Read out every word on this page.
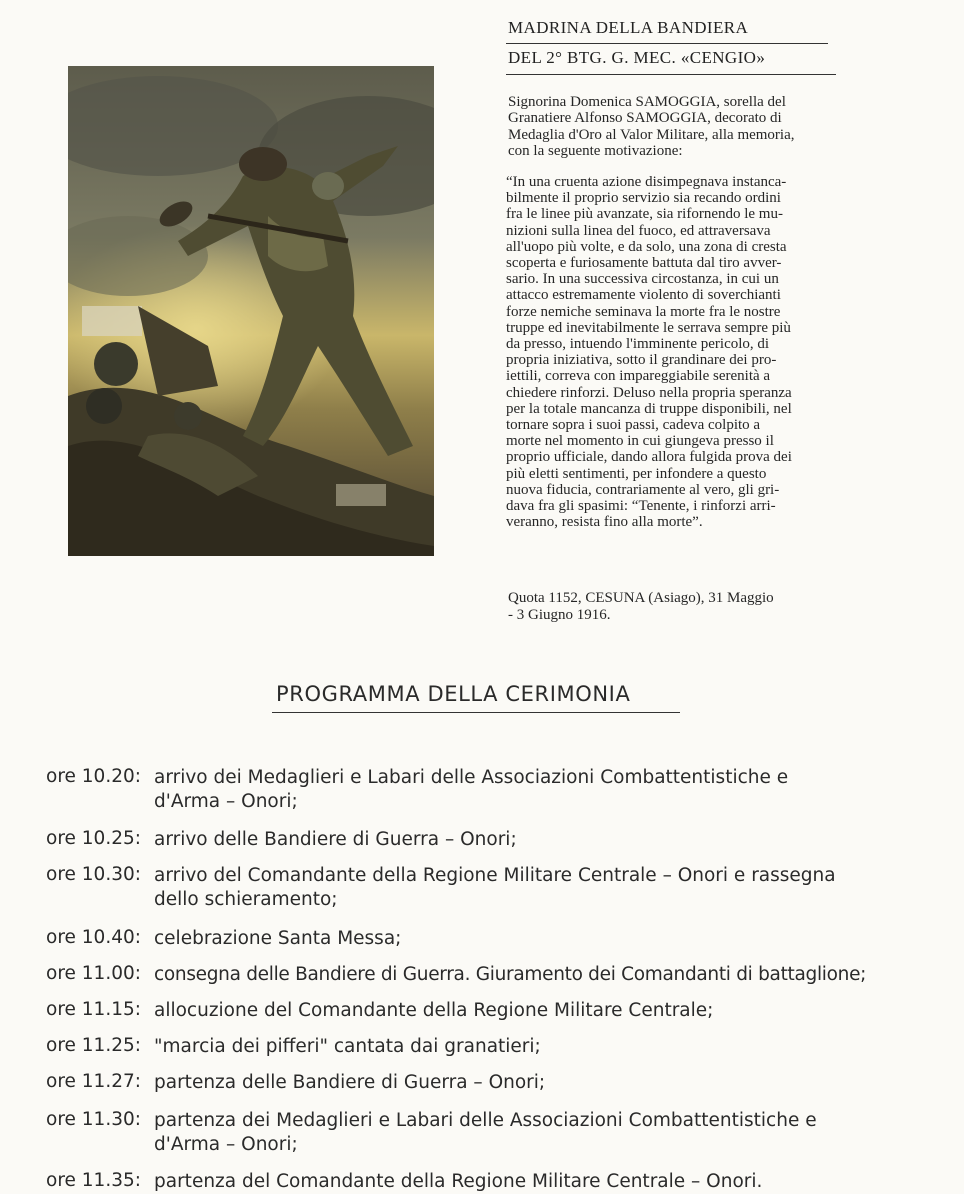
MADRINA DELLA BANDIERA
DEL 2° BTG. G. MEC. «CENGIO»
Signorina Domenica SAMOGGIA, sorella del
Granatiere Alfonso SAMOGGIA, decorato di
Medaglia d'Oro al Valor Militare, alla memoria,
con la seguente motivazione:
“In una cruenta azione disimpegnava instanca-
bilmente il proprio servizio sia recando ordini
fra le linee più avanzate, sia rifornendo le mu-
nizioni sulla linea del fuoco, ed attraversava
all'uopo più volte, e da solo, una zona di cresta
scoperta e furiosamente battuta dal tiro avver-
sario. In una successiva circostanza, in cui un
attacco estremamente violento di soverchianti
forze nemiche seminava la morte fra le nostre
truppe ed inevitabilmente le serrava sempre più
da presso, intuendo l'imminente pericolo, di
propria iniziativa, sotto il grandinare dei pro-
iettili, correva con impareggiabile serenità a
chiedere rinforzi. Deluso nella propria speranza
per la totale mancanza di truppe disponibili, nel
tornare sopra i suoi passi, cadeva colpito a
morte nel momento in cui giungeva presso il
proprio ufficiale, dando allora fulgida prova dei
più eletti sentimenti, per infondere a questo
nuova fiducia, contrariamente al vero, gli gri-
dava fra gli spasimi: “Tenente, i rinforzi arri-
veranno, resista fino alla morte”.
Quota 1152, CESUNA (Asiago), 31 Maggio
- 3 Giugno 1916.
PROGRAMMA DELLA CERIMONIA
ore 10.20: arrivo dei Medaglieri e Labari delle Associazioni Combattentistiche e
d'Arma – Onori;
ore 10.25: arrivo delle Bandiere di Guerra – Onori;
ore 10.30: arrivo del Comandante della Regione Militare Centrale – Onori e rassegna
dello schieramento;
ore 10.40: celebrazione Santa Messa;
ore 11.00: consegna delle Bandiere di Guerra. Giuramento dei Comandanti di battaglione;
ore 11.15: allocuzione del Comandante della Regione Militare Centrale;
ore 11.25: "marcia dei pifferi" cantata dai granatieri;
ore 11.27: partenza delle Bandiere di Guerra – Onori;
ore 11.30: partenza dei Medaglieri e Labari delle Associazioni Combattentistiche e
d'Arma – Onori;
ore 11.35: partenza del Comandante della Regione Militare Centrale – Onori.
